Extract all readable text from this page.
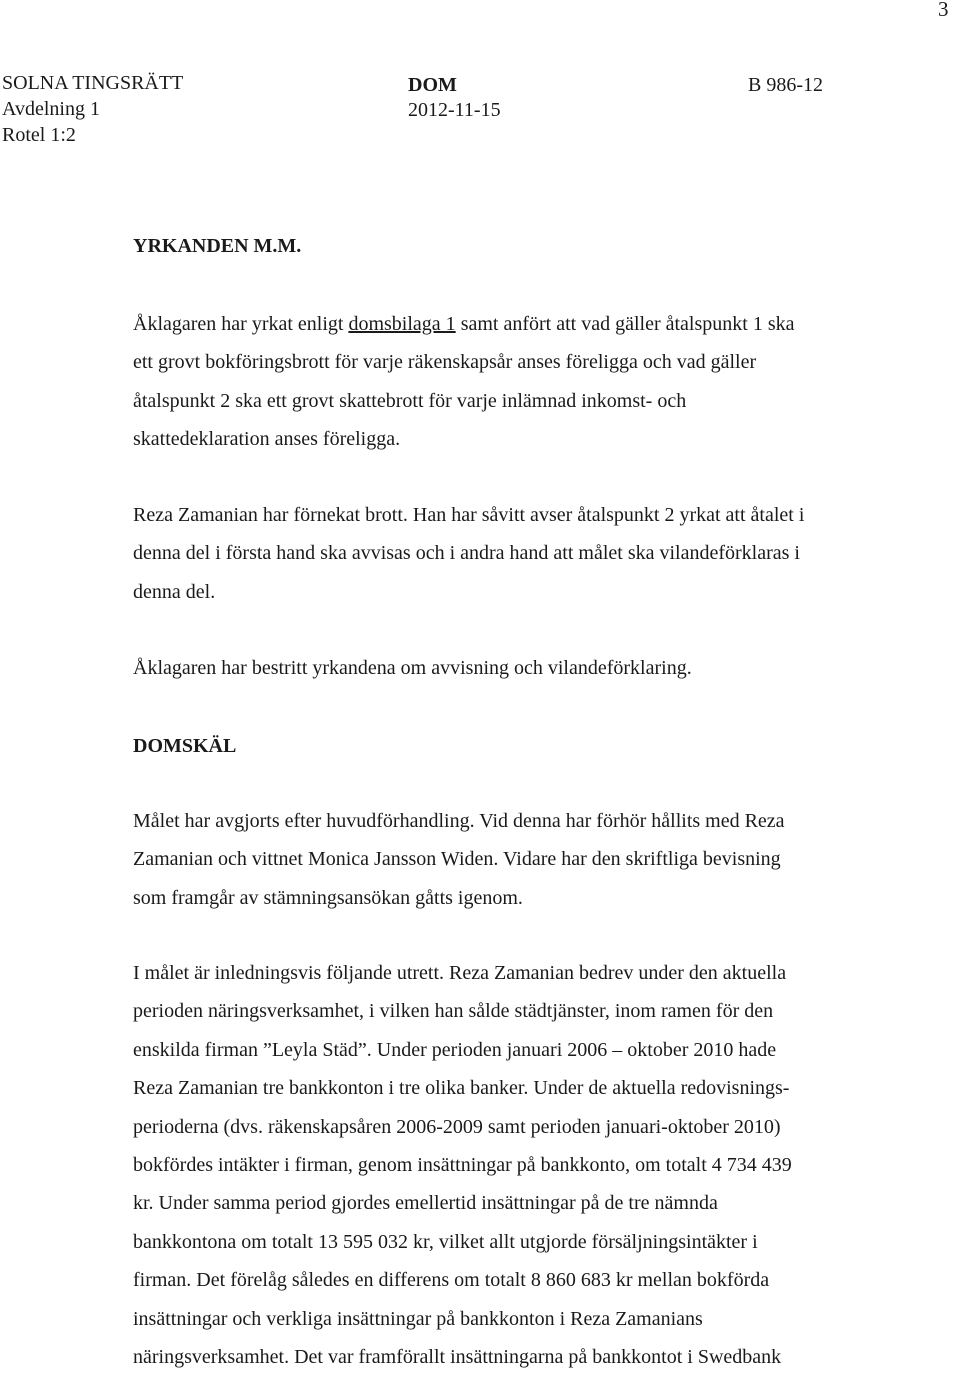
3
SOLNA TINGSRÄTT
Avdelning 1
Rotel 1:2
DOM
2012-11-15
B 986-12
YRKANDEN M.M.
Åklagaren har yrkat enligt domsbilaga 1 samt anfört att vad gäller åtalspunkt 1 ska
ett grovt bokföringsbrott för varje räkenskapsår anses föreligga och vad gäller
åtalspunkt 2 ska ett grovt skattebrott för varje inlämnad inkomst- och
skattedeklaration anses föreligga.
Reza Zamanian har förnekat brott. Han har såvitt avser åtalspunkt 2 yrkat att åtalet i
denna del i första hand ska avvisas och i andra hand att målet ska vilandeförklaras i
denna del.
Åklagaren har bestritt yrkandena om avvisning och vilandeförklaring.
DOMSKÄL
Målet har avgjorts efter huvudförhandling. Vid denna har förhör hållits med Reza
Zamanian och vittnet Monica Jansson Widen. Vidare har den skriftliga bevisning
som framgår av stämningsansökan gåtts igenom.
I målet är inledningsvis följande utrett. Reza Zamanian bedrev under den aktuella
perioden näringsverksamhet, i vilken han sålde städtjänster, inom ramen för den
enskilda firman ”Leyla Städ”. Under perioden januari 2006 – oktober 2010 hade
Reza Zamanian tre bankkonton i tre olika banker. Under de aktuella redovisnings-
perioderna (dvs. räkenskapsåren 2006-2009 samt perioden januari-oktober 2010)
bokfördes intäkter i firman, genom insättningar på bankkonto, om totalt 4 734 439
kr. Under samma period gjordes emellertid insättningar på de tre nämnda
bankkontona om totalt 13 595 032 kr, vilket allt utgjorde försäljningsintäkter i
firman. Det förelåg således en differens om totalt 8 860 683 kr mellan bokförda
insättningar och verkliga insättningar på bankkonton i Reza Zamanians
näringsverksamhet. Det var framförallt insättningarna på bankkontot i Swedbank
